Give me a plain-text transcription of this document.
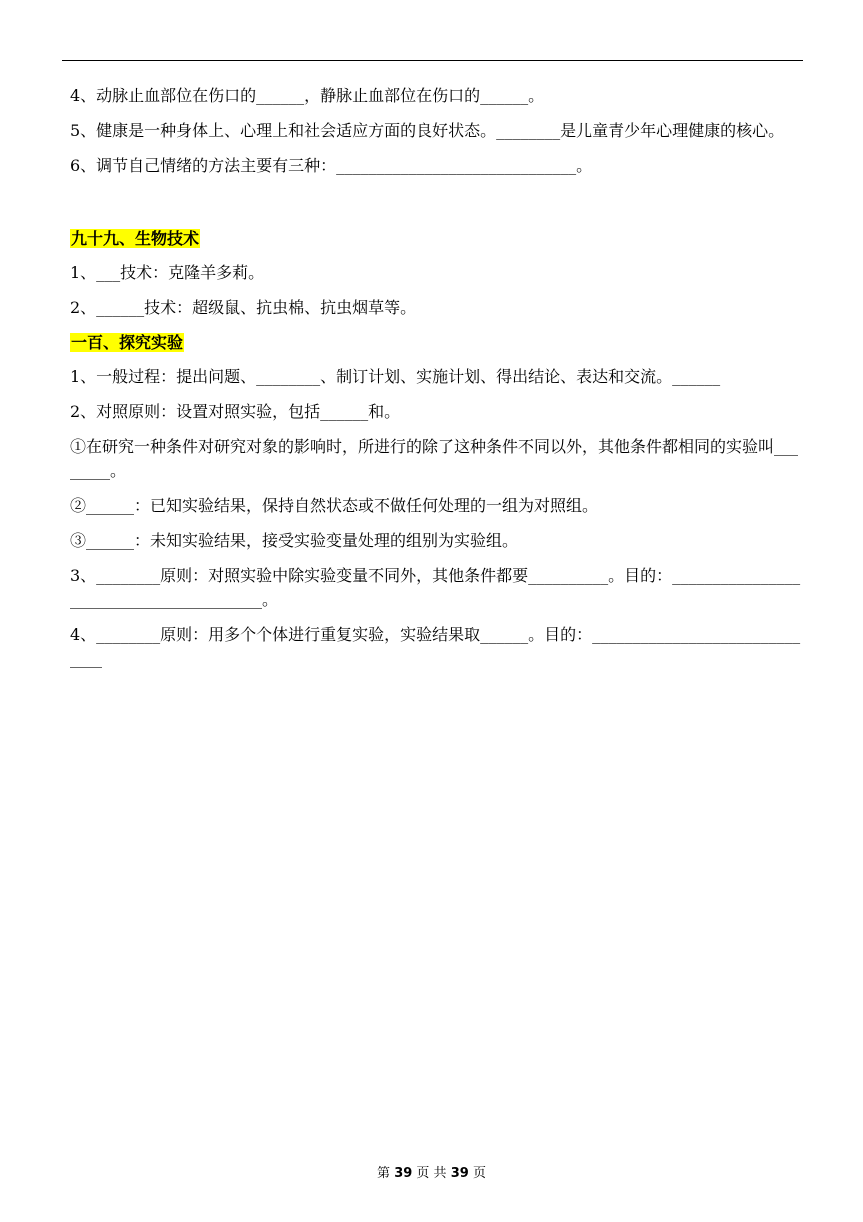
4、动脉止血部位在伤口的______，静脉止血部位在伤口的______。

5、健康是一种身体上、心理上和社会适应方面的良好状态。________是儿童青少年心理健康的核心。

6、调节自己情绪的方法主要有三种：______________________________。

九十九、生物技术

1、___技术：克隆羊多莉。

2、______技术：超级鼠、抗虫棉、抗虫烟草等。

一百、探究实验

1、一般过程：提出问题、________、制订计划、实施计划、得出结论、表达和交流。______

2、对照原则：设置对照实验，包括______和。

①在研究一种条件对研究对象的影响时，所进行的除了这种条件不同以外，其他条件都相同的实验叫________。

②______：已知实验结果，保持自然状态或不做任何处理的一组为对照组。

③______：未知实验结果，接受实验变量处理的组别为实验组。

3、________原则：对照实验中除实验变量不同外，其他条件都要__________。目的：________________________________________。

4、________原则：用多个个体进行重复实验，实验结果取______。目的：______________________________

第 39 页 共 39 页
